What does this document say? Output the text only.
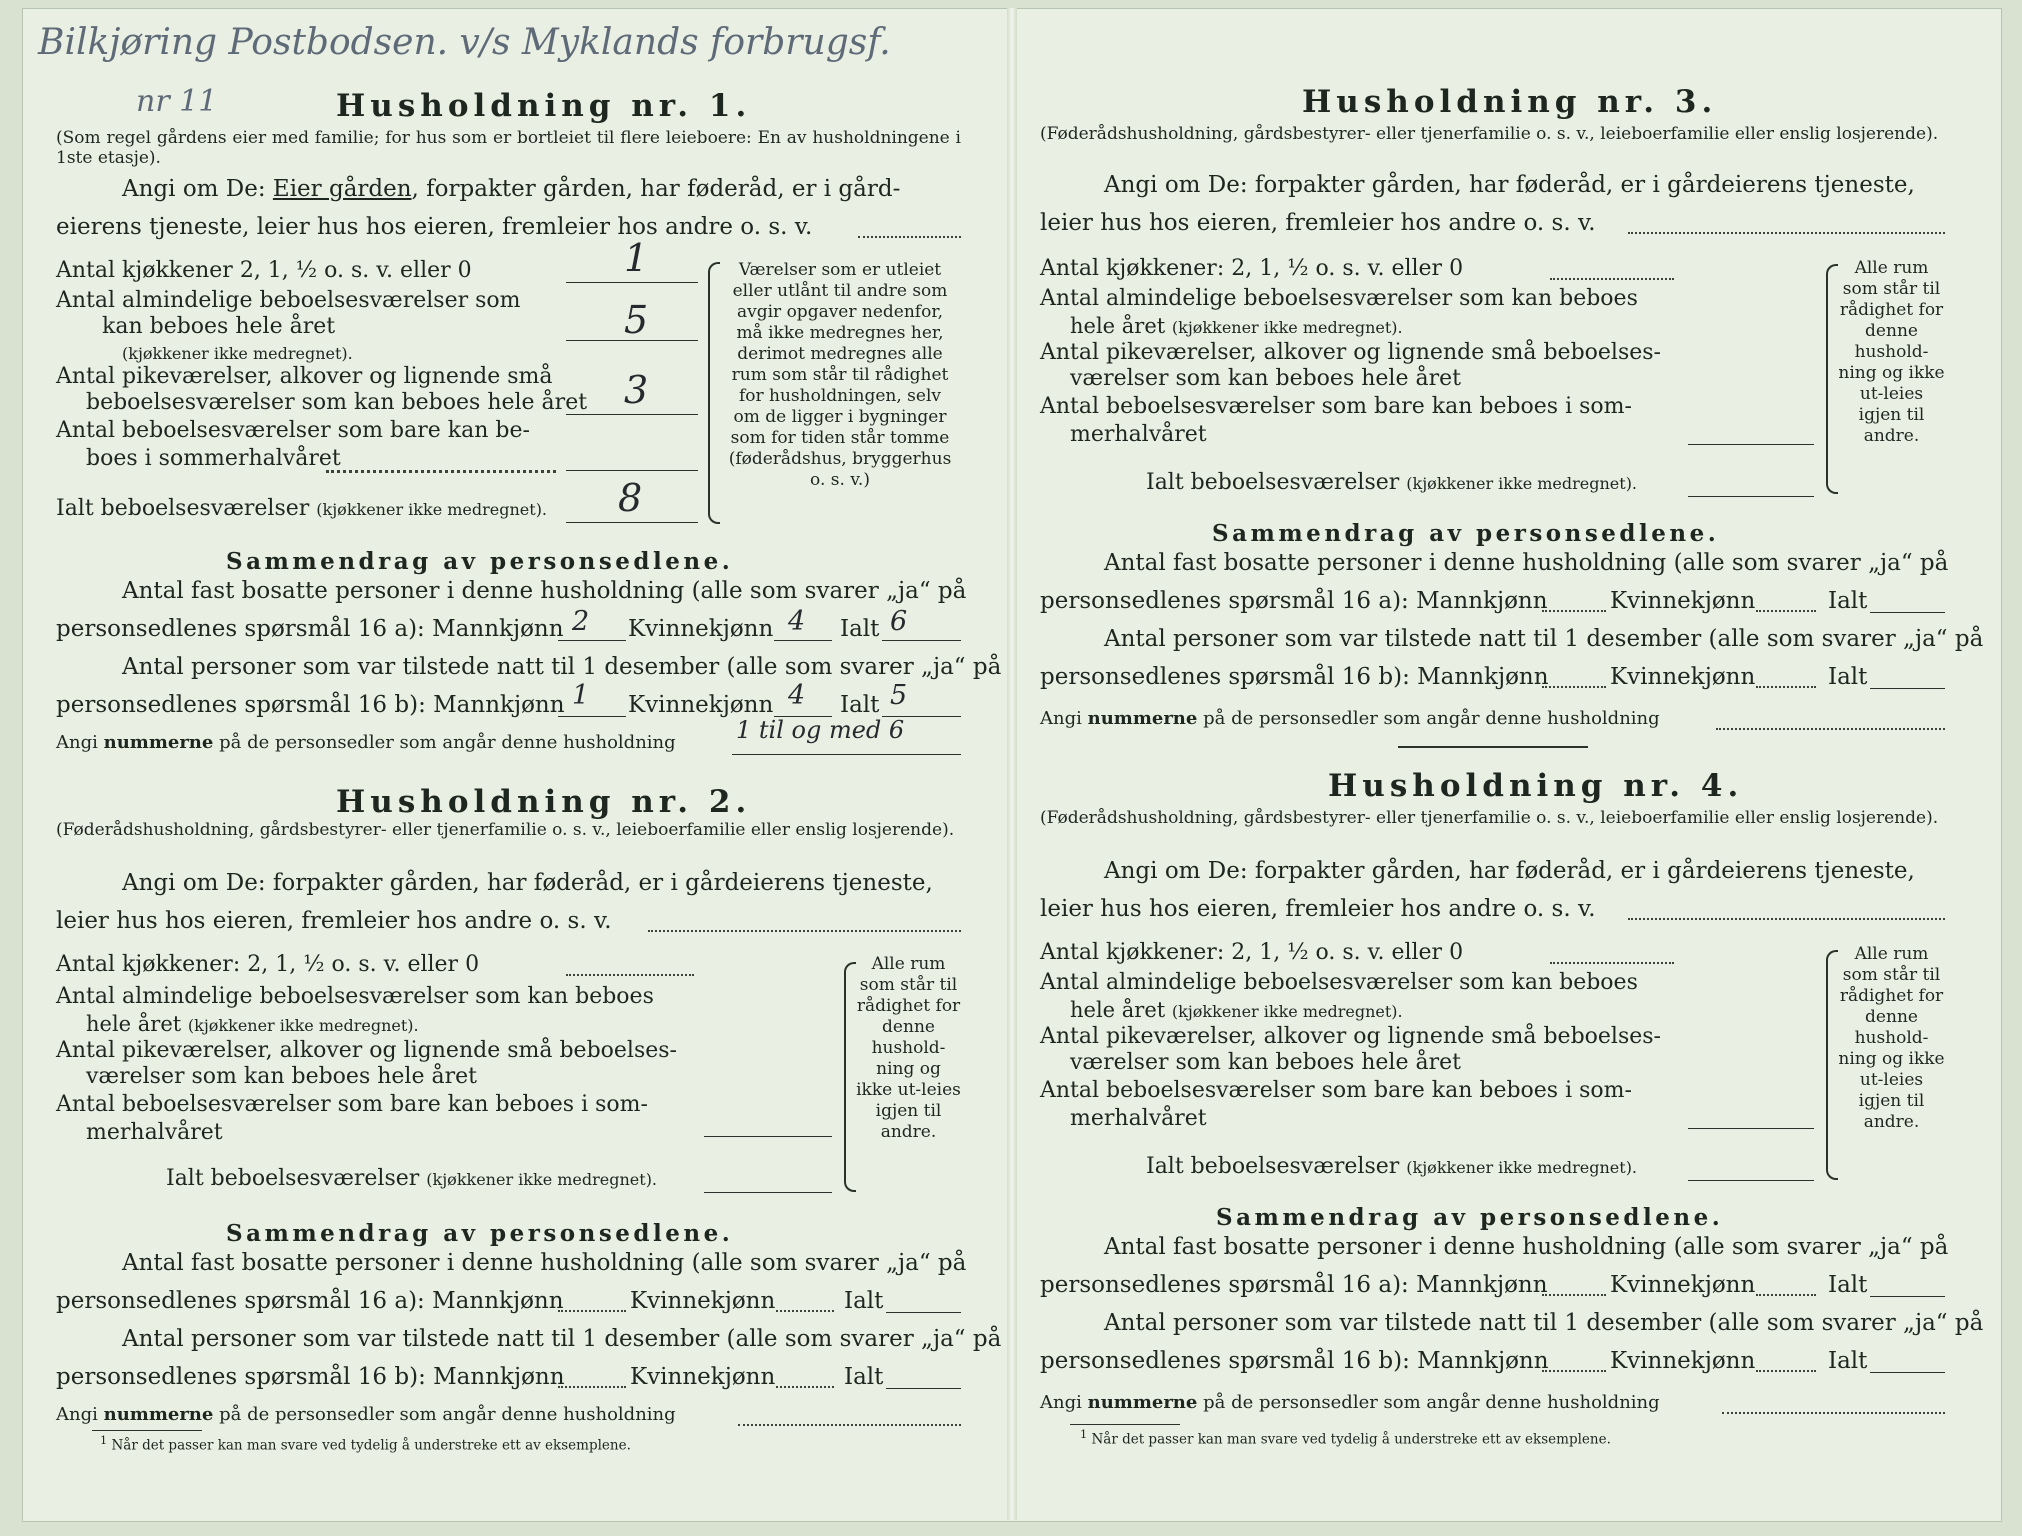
Bilkjøring Postbodsen. v/s Myklands forbrugsf.
nr 11	Husholdning nr. 1.
(Som regel gårdens eier med familie; for hus som er bortleiet til flere leieboere: En av husholdningene i 1ste etasje).
Angi om De: Eier gården, forpakter gården, har føderåd, er i gård-
eierens tjeneste, leier hus hos eieren, fremleier hos andre o. s. v.
Antal kjøkkener 2, 1, ½ o. s. v. eller 0	1
Antal almindelige beboelsesværelser som
kan beboes hele året
(kjøkkener ikke medregnet).
5
Antal pikeværelser, alkover og lignende små
beboelsesværelser som kan beboes hele året 3
Antal beboelsesværelser som bare kan be-
boes i sommerhalvåret
Ialt beboelsesværelser (kjøkkener ikke medregnet). 8
Værelser som er utleiet eller utlånt til andre som avgir opgaver nedenfor, må ikke medregnes her, derimot medregnes alle rum som står til rådighet for husholdningen, selv om de ligger i bygninger som for tiden står tomme (føderådshus, bryggerhus o. s. v.)
Sammendrag av personsedlene.
Antal fast bosatte personer i denne husholdning (alle som svarer „ja“ på
personsedlenes spørsmål 16 a): Mannkjønn 2 Kvinnekjønn 4 Ialt 6
Antal personer som var tilstede natt til 1 desember (alle som svarer „ja“ på
personsedlenes spørsmål 16 b): Mannkjønn 1 Kvinnekjønn 4 Ialt 5
Angi nummerne på de personsedler som angår denne husholdning	1 til og med 6
Husholdning nr. 2.
(Føderådshusholdning, gårdsbestyrer- eller tjenerfamilie o. s. v., leieboerfamilie eller enslig losjerende).
Angi om De: forpakter gården, har føderåd, er i gårdeierens tjeneste,
leier hus hos eieren, fremleier hos andre o. s. v.
Antal kjøkkener: 2, 1, ½ o. s. v. eller 0
Antal almindelige beboelsesværelser som kan beboes
hele året (kjøkkener ikke medregnet).
Antal pikeværelser, alkover og lignende små beboelses-
værelser som kan beboes hele året
Antal beboelsesværelser som bare kan beboes i som-
merhalvåret
Ialt beboelsesværelser (kjøkkener ikke medregnet).
Alle rum som står til rådighet for denne hushold-ning og ikke ut-leies igjen til andre.
Sammendrag av personsedlene.
Antal fast bosatte personer i denne husholdning (alle som svarer „ja“ på
personsedlenes spørsmål 16 a): Mannkjønn	Kvinnekjønn	Ialt
Antal personer som var tilstede natt til 1 desember (alle som svarer „ja“ på
personsedlenes spørsmål 16 b): Mannkjønn	Kvinnekjønn	Ialt
Angi nummerne på de personsedler som angår denne husholdning
$^1$ Når det passer kan man svare ved tydelig å understreke ett av eksemplene.
Husholdning nr. 3.
(Føderådshusholdning, gårdsbestyrer- eller tjenerfamilie o. s. v., leieboerfamilie eller enslig losjerende).
Angi om De: forpakter gården, har føderåd, er i gårdeierens tjeneste,
leier hus hos eieren, fremleier hos andre o. s. v.
Antal kjøkkener: 2, 1, ½ o. s. v. eller 0
Antal almindelige beboelsesværelser som kan beboes
hele året (kjøkkener ikke medregnet).
Antal pikeværelser, alkover og lignende små beboelses-
værelser som kan beboes hele året
Antal beboelsesværelser som bare kan beboes i som-
merhalvåret
Ialt beboelsesværelser (kjøkkener ikke medregnet).
Alle rum som står til rådighet for denne hushold-ning og ikke ut-leies igjen til andre.
Sammendrag av personsedlene.
Antal fast bosatte personer i denne husholdning (alle som svarer „ja“ på
personsedlenes spørsmål 16 a): Mannkjønn	Kvinnekjønn	Ialt
Antal personer som var tilstede natt til 1 desember (alle som svarer „ja“ på
personsedlenes spørsmål 16 b): Mannkjønn	Kvinnekjønn	Ialt
Angi nummerne på de personsedler som angår denne husholdning
Husholdning nr. 4.
(Føderådshusholdning, gårdsbestyrer- eller tjenerfamilie o. s. v., leieboerfamilie eller enslig losjerende).
Angi om De: forpakter gården, har føderåd, er i gårdeierens tjeneste,
leier hus hos eieren, fremleier hos andre o. s. v.
Antal kjøkkener: 2, 1, ½ o. s. v. eller 0
Antal almindelige beboelsesværelser som kan beboes
hele året (kjøkkener ikke medregnet).
Antal pikeværelser, alkover og lignende små beboelses-
værelser som kan beboes hele året
Antal beboelsesværelser som bare kan beboes i som-
merhalvåret
Ialt beboelsesværelser (kjøkkener ikke medregnet).
Alle rum som står til rådighet for denne hushold-ning og ikke ut-leies igjen til andre.
Sammendrag av personsedlene.
Antal fast bosatte personer i denne husholdning (alle som svarer „ja“ på
personsedlenes spørsmål 16 a): Mannkjønn	Kvinnekjønn	Ialt
Antal personer som var tilstede natt til 1 desember (alle som svarer „ja“ på
personsedlenes spørsmål 16 b): Mannkjønn	Kvinnekjønn	Ialt
Angi nummerne på de personsedler som angår denne husholdning
$^1$ Når det passer kan man svare ved tydelig å understreke ett av eksemplene.
